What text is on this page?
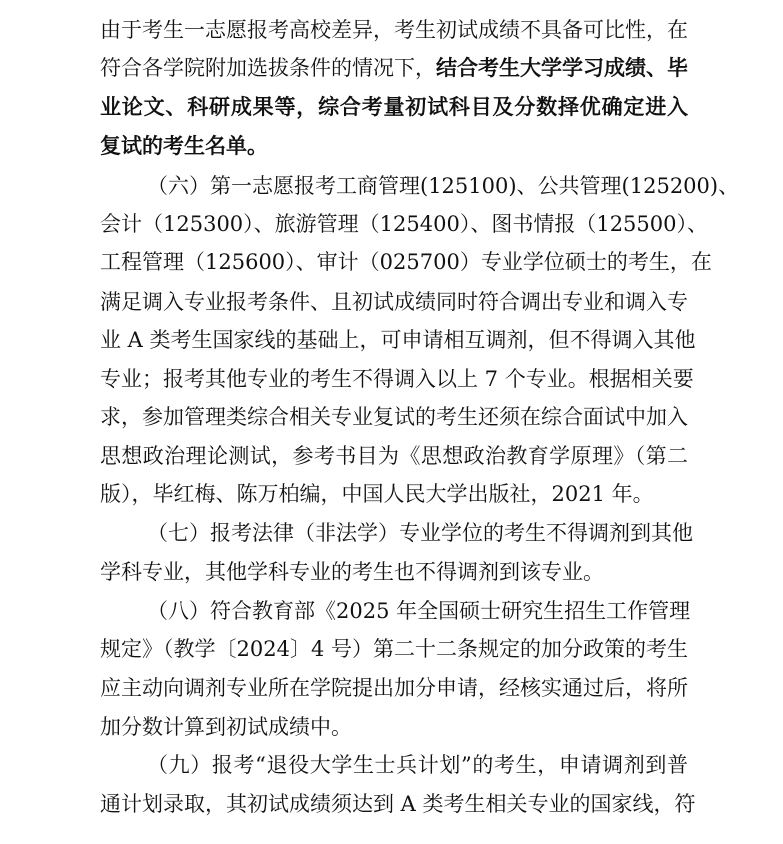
由于考生一志愿报考高校差异，考生初试成绩不具备可比性，在
符合各学院附加选拔条件的情况下，结合考生大学学习成绩、毕
业论文、科研成果等，综合考量初试科目及分数择优确定进入
复试的考生名单。
（六）第一志愿报考工商管理(125100)、公共管理(125200)、
会计（125300）、旅游管理（125400）、图书情报（125500）、
工程管理（125600）、审计（025700）专业学位硕士的考生，在
满足调入专业报考条件、且初试成绩同时符合调出专业和调入专
业 A 类考生国家线的基础上，可申请相互调剂，但不得调入其他
专业；报考其他专业的考生不得调入以上 7 个专业。根据相关要
求，参加管理类综合相关专业复试的考生还须在综合面试中加入
思想政治理论测试，参考书目为《思想政治教育学原理》（第二
版），毕红梅、陈万柏编，中国人民大学出版社，2021 年。
（七）报考法律（非法学）专业学位的考生不得调剂到其他
学科专业，其他学科专业的考生也不得调剂到该专业。
（八）符合教育部《2025 年全国硕士研究生招生工作管理
规定》（教学〔2024〕4 号）第二十二条规定的加分政策的考生
应主动向调剂专业所在学院提出加分申请，经核实通过后，将所
加分数计算到初试成绩中。
（九）报考“退役大学生士兵计划”的考生，申请调剂到普
通计划录取，其初试成绩须达到 A 类考生相关专业的国家线，符
